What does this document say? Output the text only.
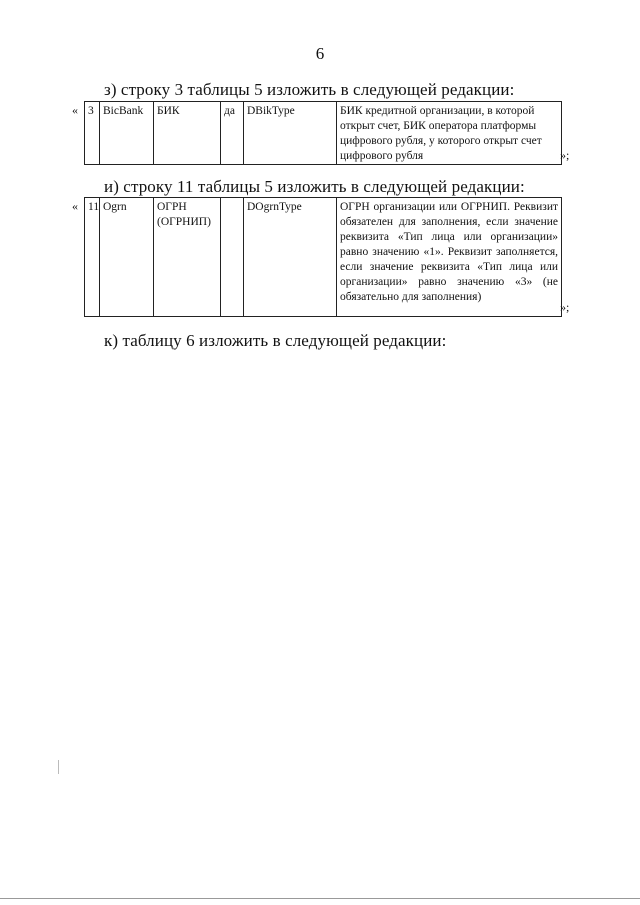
6
з) строку 3 таблицы 5 изложить в следующей редакции:
« 3	BicBank	БИК	да	DBikType	БИК кредитной организации, в которой открыт счет, БИК оператора платформы цифрового рубля, у которого открыт счет цифрового рубля	»;
и) строку 11 таблицы 5 изложить в следующей редакции:
« 11	Ogrn	ОГРН (ОГРНИП)		DOgrnType	ОГРН организации или ОГРНИП. Реквизит обязателен для заполнения, если значение реквизита «Тип лица или организации» равно значению «1». Реквизит заполняется, если значение реквизита «Тип лица или организации» равно значению «3» (не обязательно для заполнения)
»;
к) таблицу 6 изложить в следующей редакции:
